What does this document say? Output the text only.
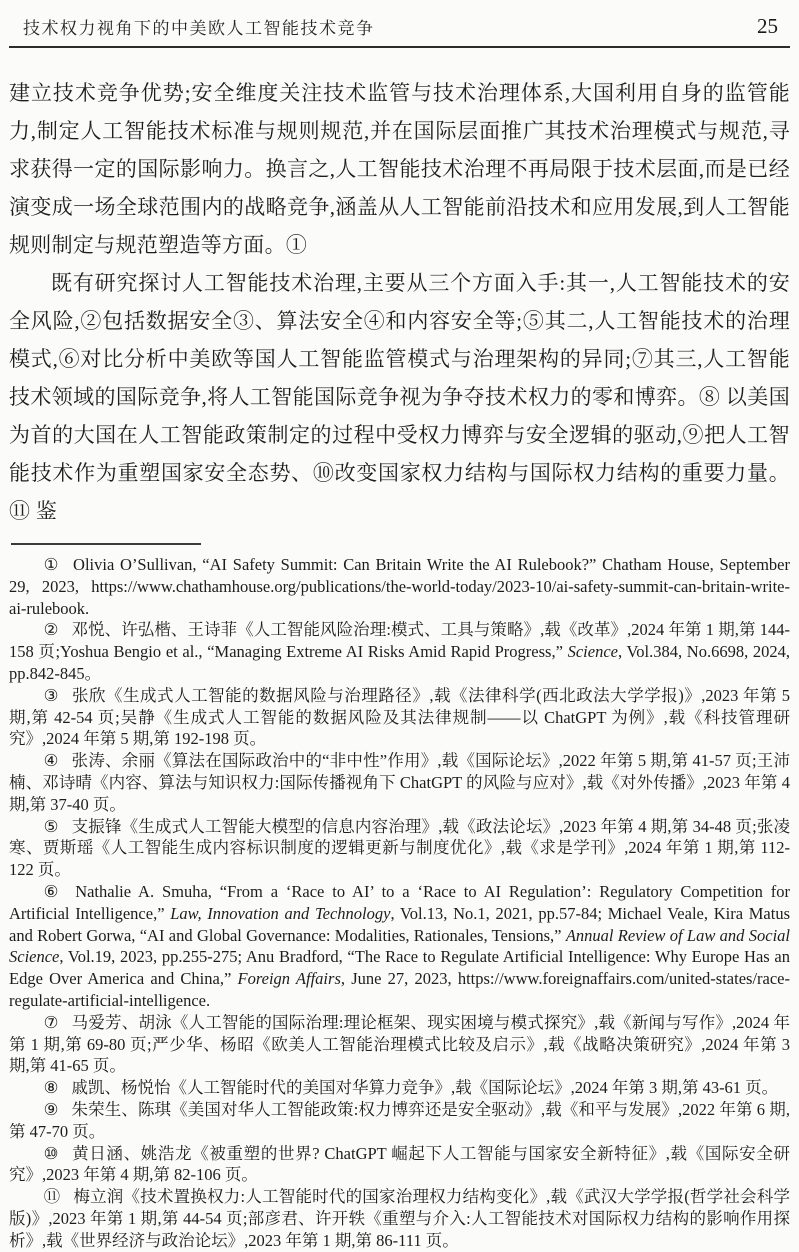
技术权力视角下的中美欧人工智能技术竞争	25

建立技术竞争优势;安全维度关注技术监管与技术治理体系,大国利用自身的监管能力,制定人工智能技术标准与规则规范,并在国际层面推广其技术治理模式与规范,寻求获得一定的国际影响力。换言之,人工智能技术治理不再局限于技术层面,而是已经演变成一场全球范围内的战略竞争,涵盖从人工智能前沿技术和应用发展,到人工智能规则制定与规范塑造等方面。①

既有研究探讨人工智能技术治理,主要从三个方面入手:其一,人工智能技术的安全风险,②包括数据安全③、算法安全④和内容安全等;⑤其二,人工智能技术的治理模式,⑥对比分析中美欧等国人工智能监管模式与治理架构的异同;⑦其三,人工智能技术领域的国际竞争,将人工智能国际竞争视为争夺技术权力的零和博弈。⑧ 以美国为首的大国在人工智能政策制定的过程中受权力博弈与安全逻辑的驱动,⑨把人工智能技术作为重塑国家安全态势、⑩改变国家权力结构与国际权力结构的重要力量。⑪ 鉴

① Olivia O’Sullivan, “AI Safety Summit: Can Britain Write the AI Rulebook?” Chatham House, September 29, 2023, https://www.chathamhouse.org/publications/the-world-today/2023-10/ai-safety-summit-can-britain-write-ai-rulebook.

② 邓悦、许弘楷、王诗菲《人工智能风险治理:模式、工具与策略》,载《改革》,2024 年第 1 期,第 144-158 页;Yoshua Bengio et al., “Managing Extreme AI Risks Amid Rapid Progress,” Science, Vol.384, No.6698, 2024, pp.842-845。

③ 张欣《生成式人工智能的数据风险与治理路径》,载《法律科学(西北政法大学学报)》,2023 年第 5 期,第 42-54 页;吴静《生成式人工智能的数据风险及其法律规制——以 ChatGPT 为例》,载《科技管理研究》,2024 年第 5 期,第 192-198 页。

④ 张涛、余丽《算法在国际政治中的“非中性”作用》,载《国际论坛》,2022 年第 5 期,第 41-57 页;王沛楠、邓诗晴《内容、算法与知识权力:国际传播视角下 ChatGPT 的风险与应对》,载《对外传播》,2023 年第 4 期,第 37-40 页。

⑤ 支振锋《生成式人工智能大模型的信息内容治理》,载《政法论坛》,2023 年第 4 期,第 34-48 页;张凌寒、贾斯瑶《人工智能生成内容标识制度的逻辑更新与制度优化》,载《求是学刊》,2024 年第 1 期,第 112-122 页。

⑥ Nathalie A. Smuha, “From a ‘Race to AI’ to a ‘Race to AI Regulation’: Regulatory Competition for Artificial Intelligence,” Law, Innovation and Technology, Vol.13, No.1, 2021, pp.57-84; Michael Veale, Kira Matus and Robert Gorwa, “AI and Global Governance: Modalities, Rationales, Tensions,” Annual Review of Law and Social Science, Vol.19, 2023, pp.255-275; Anu Bradford, “The Race to Regulate Artificial Intelligence: Why Europe Has an Edge Over America and China,” Foreign Affairs, June 27, 2023, https://www.foreignaffairs.com/united-states/race-regulate-artificial-intelligence.

⑦ 马爱芳、胡泳《人工智能的国际治理:理论框架、现实困境与模式探究》,载《新闻与写作》,2024 年第 1 期,第 69-80 页;严少华、杨昭《欧美人工智能治理模式比较及启示》,载《战略决策研究》,2024 年第 3 期,第 41-65 页。

⑧ 戚凯、杨悦怡《人工智能时代的美国对华算力竞争》,载《国际论坛》,2024 年第 3 期,第 43-61 页。

⑨ 朱荣生、陈琪《美国对华人工智能政策:权力博弈还是安全驱动》,载《和平与发展》,2022 年第 6 期,第 47-70 页。

⑩ 黄日涵、姚浩龙《被重塑的世界? ChatGPT 崛起下人工智能与国家安全新特征》,载《国际安全研究》,2023 年第 4 期,第 82-106 页。

⑪ 梅立润《技术置换权力:人工智能时代的国家治理权力结构变化》,载《武汉大学学报(哲学社会科学版)》,2023 年第 1 期,第 44-54 页;部彦君、许开轶《重塑与介入:人工智能技术对国际权力结构的影响作用探析》,载《世界经济与政治论坛》,2023 年第 1 期,第 86-111 页。
